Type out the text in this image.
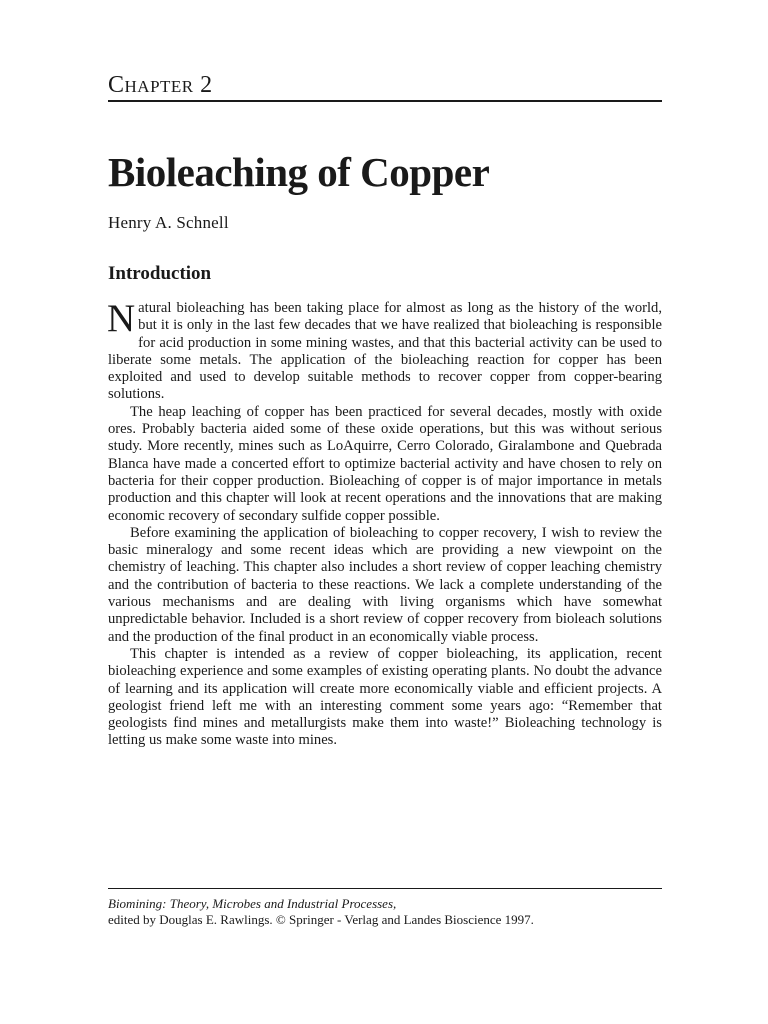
Chapter 2
Bioleaching of Copper
Henry A. Schnell
Introduction

Natural bioleaching has been taking place for almost as long as the history of the world, but it is only in the last few decades that we have realized that bioleaching is responsible for acid production in some mining wastes, and that this bacterial activity can be used to liberate some metals. The application of the bioleaching reaction for copper has been exploited and used to develop suitable methods to recover copper from copper-bearing solutions.

The heap leaching of copper has been practiced for several decades, mostly with oxide ores. Probably bacteria aided some of these oxide operations, but this was without serious study. More recently, mines such as LoAquirre, Cerro Colorado, Giralambone and Quebrada Blanca have made a concerted effort to optimize bacterial activity and have chosen to rely on bacteria for their copper production. Bioleaching of copper is of major importance in metals production and this chapter will look at recent operations and the innovations that are making economic recovery of secondary sulfide copper possible.

Before examining the application of bioleaching to copper recovery, I wish to review the basic mineralogy and some recent ideas which are providing a new viewpoint on the chemistry of leaching. This chapter also includes a short review of copper leaching chemistry and the contribution of bacteria to these reactions. We lack a complete understanding of the various mechanisms and are dealing with living organisms which have somewhat unpredictable behavior. Included is a short review of copper recovery from bioleach solutions and the production of the final product in an economically viable process.

This chapter is intended as a review of copper bioleaching, its application, recent bioleaching experience and some examples of existing operating plants. No doubt the advance of learning and its application will create more economically viable and efficient projects. A geologist friend left me with an interesting comment some years ago: “Remember that geologists find mines and metallurgists make them into waste!” Bioleaching technology is letting us make some waste into mines.

Biomining: Theory, Microbes and Industrial Processes,
edited by Douglas E. Rawlings. © Springer - Verlag and Landes Bioscience 1997.
